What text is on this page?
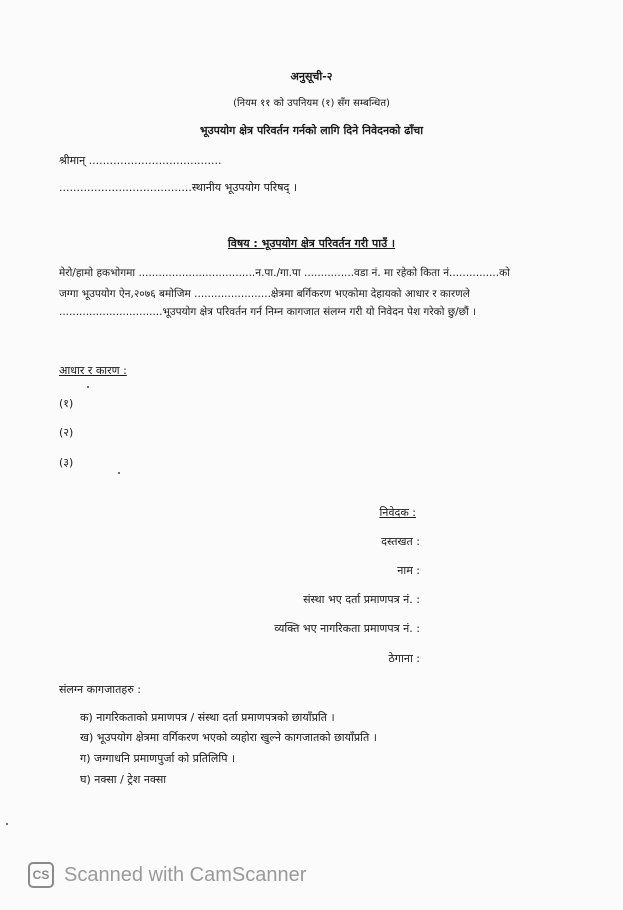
अनुसूची-२
(नियम ११ को उपनियम (१) सँग सम्बन्धित)
भूउपयोग क्षेत्र परिवर्तन गर्नको लागि दिने निवेदनको ढाँचा
श्रीमान् ......................................
......................................स्थानीय भूउपयोग परिषद् ।
विषय : भूउपयोग क्षेत्र परिवर्तन गरी पाउँ ।
मेरो/हामो हकभोगमा ...................................न.पा./गा.पा ...............वडा नं. मा रहेको किता नं...............को
जग्गा भूउपयोग ऐन,२०७६ बमोजिम .......................क्षेत्रमा बर्गिकरण भएकोमा देहायको आधार र कारणले
...............................भूउपयोग क्षेत्र परिवर्तन गर्न निम्न कागजात संलग्न गरी यो निवेदन पेश गरेको छु/छौं ।
आधार र कारण :
(१)
(२)
(३)
निवेदक :
दस्तखत :
नाम :
संस्था भए दर्ता प्रमाणपत्र नं. :
व्यक्ति भए नागरिकता प्रमाणपत्र नं. :
ठेगाना :
संलग्न कागजातहरु :
क) नागरिकताको प्रमाणपत्र / संस्था दर्ता प्रमाणपत्रको छायाँप्रति ।
ख) भूउपयोग क्षेत्रमा वर्गिकरण भएको व्यहोरा खुल्ने कागजातको छायाँप्रति ।
ग) जग्गाधनि प्रमाणपुर्जा को प्रतिलिपि ।
घ) नक्सा / ट्रेश नक्सा
CS Scanned with CamScanner
